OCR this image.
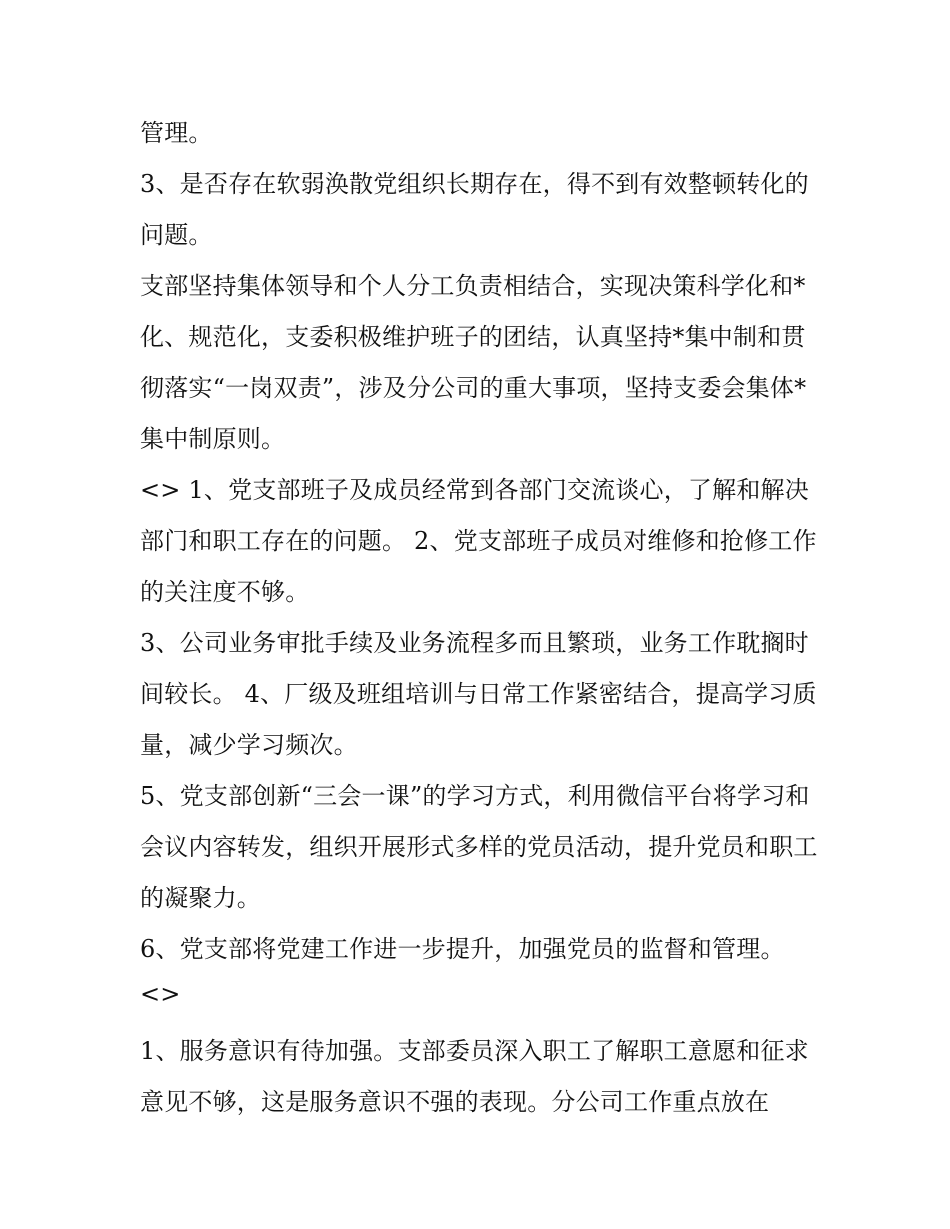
管理。

3、是否存在软弱涣散党组织长期存在，得不到有效整顿转化的问题。

支部坚持集体领导和个人分工负责相结合，实现决策科学化和*化、规范化，支委积极维护班子的团结，认真坚持*集中制和贯彻落实“一岗双责”，涉及分公司的重大事项，坚持支委会集体*集中制原则。

<> 1、党支部班子及成员经常到各部门交流谈心，了解和解决部门和职工存在的问题。 2、党支部班子成员对维修和抢修工作的关注度不够。

3、公司业务审批手续及业务流程多而且繁琐，业务工作耽搁时间较长。 4、厂级及班组培训与日常工作紧密结合，提高学习质量，减少学习频次。

5、党支部创新“三会一课”的学习方式，利用微信平台将学习和会议内容转发，组织开展形式多样的党员活动，提升党员和职工的凝聚力。

6、党支部将党建工作进一步提升，加强党员的监督和管理。

<>

1、服务意识有待加强。支部委员深入职工了解职工意愿和征求意见不够，这是服务意识不强的表现。分公司工作重点放在
